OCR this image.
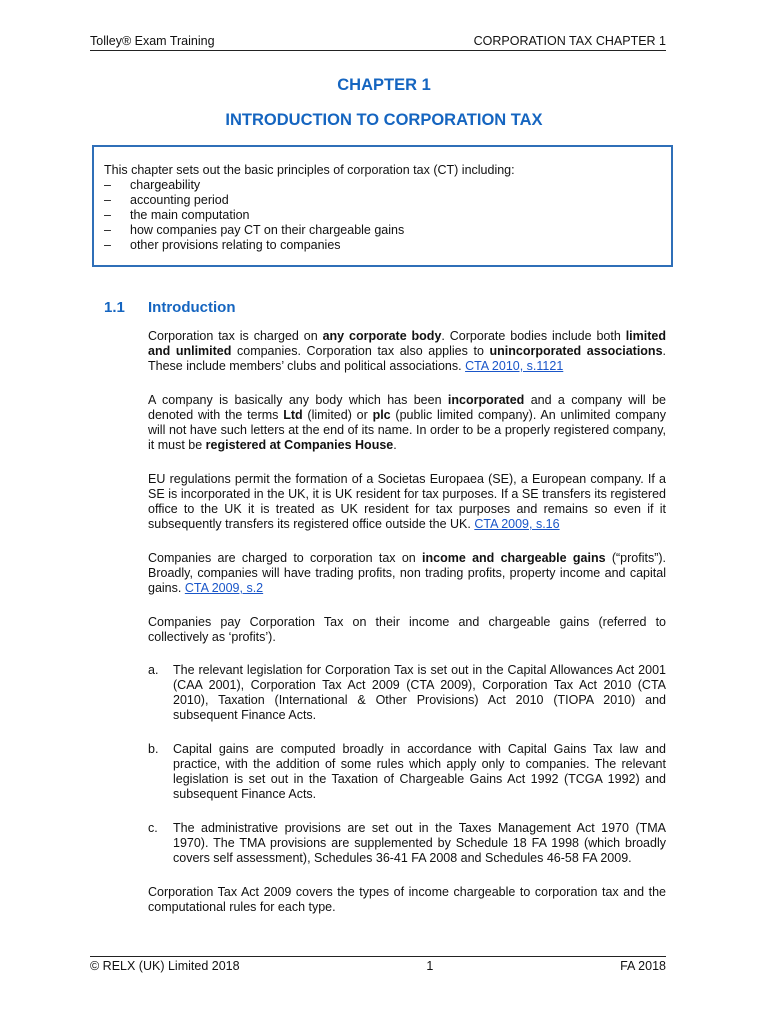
Tolley® Exam Training	CORPORATION TAX CHAPTER 1
CHAPTER 1
INTRODUCTION TO CORPORATION TAX
This chapter sets out the basic principles of corporation tax (CT) including:
–	chargeability
–	accounting period
–	the main computation
–	how companies pay CT on their chargeable gains
–	other provisions relating to companies
1.1	Introduction

Corporation tax is charged on any corporate body. Corporate bodies include both limited and unlimited companies. Corporation tax also applies to unincorporated associations. These include members’ clubs and political associations. CTA 2010, s.1121

A company is basically any body which has been incorporated and a company will be denoted with the terms Ltd (limited) or plc (public limited company). An unlimited company will not have such letters at the end of its name. In order to be a properly registered company, it must be registered at Companies House.

EU regulations permit the formation of a Societas Europaea (SE), a European company. If a SE is incorporated in the UK, it is UK resident for tax purposes. If a SE transfers its registered office to the UK it is treated as UK resident for tax purposes and remains so even if it subsequently transfers its registered office outside the UK. CTA 2009, s.16

Companies are charged to corporation tax on income and chargeable gains (“profits”). Broadly, companies will have trading profits, non trading profits, property income and capital gains. CTA 2009, s.2

Companies pay Corporation Tax on their income and chargeable gains (referred to collectively as ‘profits’).

a.	The relevant legislation for Corporation Tax is set out in the Capital Allowances Act 2001 (CAA 2001), Corporation Tax Act 2009 (CTA 2009), Corporation Tax Act 2010 (CTA 2010), Taxation (International & Other Provisions) Act 2010 (TIOPA 2010) and subsequent Finance Acts.
b.	Capital gains are computed broadly in accordance with Capital Gains Tax law and practice, with the addition of some rules which apply only to companies. The relevant legislation is set out in the Taxation of Chargeable Gains Act 1992 (TCGA 1992) and subsequent Finance Acts.
c.	The administrative provisions are set out in the Taxes Management Act 1970 (TMA 1970). The TMA provisions are supplemented by Schedule 18 FA 1998 (which broadly covers self assessment), Schedules 36-41 FA 2008 and Schedules 46-58 FA 2009.

Corporation Tax Act 2009 covers the types of income chargeable to corporation tax and the computational rules for each type.

© RELX (UK) Limited 2018	1	FA 2018
